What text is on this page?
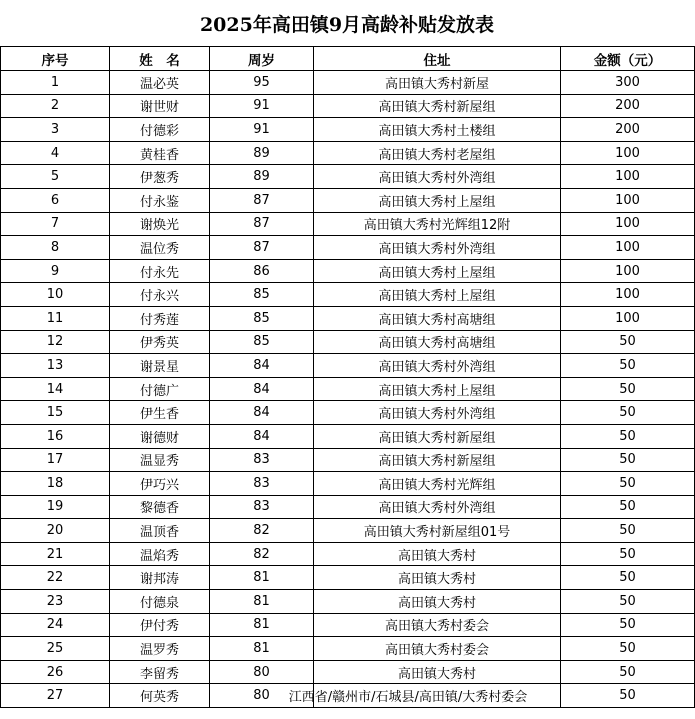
2025年高田镇9月高龄补贴发放表
序号	姓　名	周岁	住址	金额（元）
1	温必英	95	高田镇大秀村新屋	300
2	谢世财	91	高田镇大秀村新屋组	200
3	付德彩	91	高田镇大秀村土楼组	200
4	黄桂香	89	高田镇大秀村老屋组	100
5	伊葱秀	89	高田镇大秀村外湾组	100
6	付永鉴	87	高田镇大秀村上屋组	100
7	谢焕光	87	高田镇大秀村光辉组12附	100
8	温位秀	87	高田镇大秀村外湾组	100
9	付永先	86	高田镇大秀村上屋组	100
10	付永兴	85	高田镇大秀村上屋组	100
11	付秀莲	85	高田镇大秀村高塘组	100
12	伊秀英	85	高田镇大秀村高塘组	50
13	谢景星	84	高田镇大秀村外湾组	50
14	付德广	84	高田镇大秀村上屋组	50
15	伊生香	84	高田镇大秀村外湾组	50
16	谢德财	84	高田镇大秀村新屋组	50
17	温显秀	83	高田镇大秀村新屋组	50
18	伊巧兴	83	高田镇大秀村光辉组	50
19	黎德香	83	高田镇大秀村外湾组	50
20	温顶香	82	高田镇大秀村新屋组01号	50
21	温焰秀	82	高田镇大秀村	50
22	谢邦涛	81	高田镇大秀村	50
23	付德泉	81	高田镇大秀村	50
24	伊付秀	81	高田镇大秀村委会	50
25	温罗秀	81	高田镇大秀村委会	50
26	李留秀	80	高田镇大秀村	50
27	何英秀	80	江西省/赣州市/石城县/高田镇/大秀村委会	50
